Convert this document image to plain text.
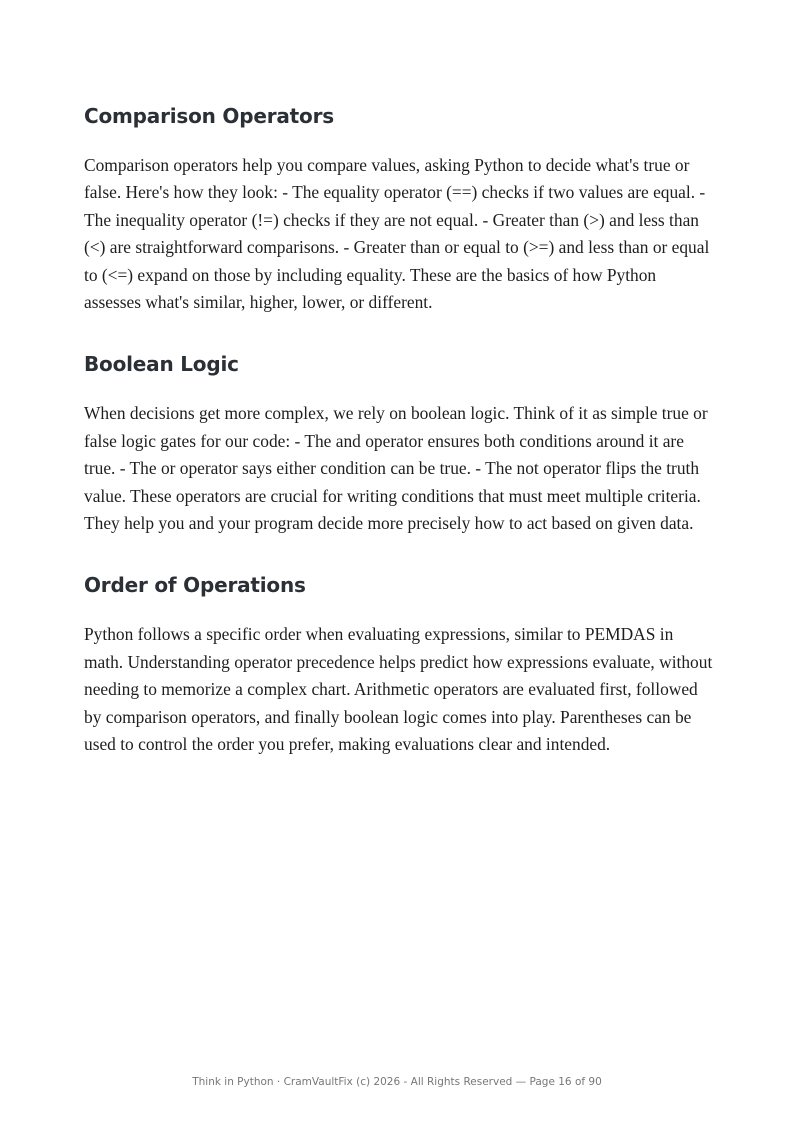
Comparison Operators

Comparison operators help you compare values, asking Python to decide what's true or false. Here's how they look: - The equality operator (==) checks if two values are equal. - The inequality operator (!=) checks if they are not equal. - Greater than (>) and less than (<) are straightforward comparisons. - Greater than or equal to (>=) and less than or equal to (<=) expand on those by including equality. These are the basics of how Python assesses what's similar, higher, lower, or different.

Boolean Logic

When decisions get more complex, we rely on boolean logic. Think of it as simple true or false logic gates for our code: - The and operator ensures both conditions around it are true. - The or operator says either condition can be true. - The not operator flips the truth value. These operators are crucial for writing conditions that must meet multiple criteria. They help you and your program decide more precisely how to act based on given data.

Order of Operations

Python follows a specific order when evaluating expressions, similar to PEMDAS in math. Understanding operator precedence helps predict how expressions evaluate, without needing to memorize a complex chart. Arithmetic operators are evaluated first, followed by comparison operators, and finally boolean logic comes into play. Parentheses can be used to control the order you prefer, making evaluations clear and intended.

Think in Python · CramVaultFix (c) 2026 - All Rights Reserved — Page 16 of 90
